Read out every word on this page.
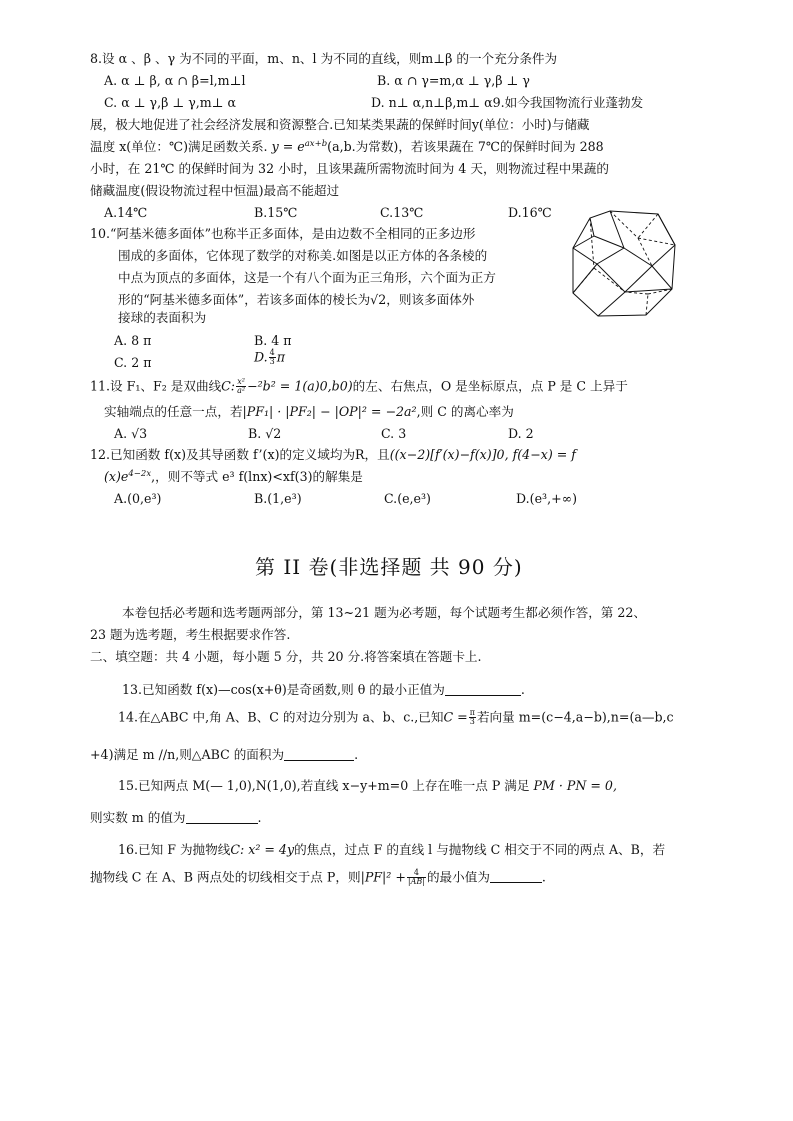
8.设 α 、β 、γ 为不同的平面，m、n、l 为不同的直线，则m⊥β 的一个充分条件为
A. α ⊥ β, α ∩ β=l,m⊥l	B. α ∩ γ=m,α ⊥ γ,β ⊥ γ
C. α ⊥ γ,β ⊥ γ,m⊥ α	D. n⊥ α,n⊥β,m⊥ α9.如今我国物流行业蓬勃发
展，极大地促进了社会经济发展和资源整合.已知某类果蔬的保鲜时间y(单位：小时)与储藏
温度 x(单位：℃)满足函数关系. $y = e^{ax+b}(a,b$.为常数)，若该果蔬在 7℃的保鲜时间为 288
小时，在 21℃ 的保鲜时间为 32 小时，且该果蔬所需物流时间为 4 天，则物流过程中果蔬的
储藏温度(假设物流过程中恒温)最高不能超过
A.14℃	B.15℃	C.13℃	D.16℃
10.“阿基米德多面体”也称半正多面体，是由边数不全相同的正多边形
围成的多面体，它体现了数学的对称美.如图是以正方体的各条棱的
中点为顶点的多面体，这是一个有八个面为正三角形，六个面为正方
形的“阿基米德多面体”，若该多面体的棱长为√2，则该多面体外
接球的表面积为
A. 8 π	B. 4 π
C. 2 π	D. $\frac{4}{3}$ π
11.设 F₁、F₂ 是双曲线C: $\frac{\text{x²}}{\text{a²}} -^2b^2 = 1(a)0,b0$)的左、右焦点，O 是坐标原点，点 P 是 C 上异于
实轴端点的任意一点，若|PF₁| · |PF₂| − |OP|² = −2a²,则 C 的离心率为
A. √3	B. √2	C. 3	D. 2
12.已知函数 f(x)及其导函数 f’(x)的定义域均为R，且((x−2)[f′(x)−f(x)]0, f(4−x) = f
$(x)e^{4-2x}$,，则不等式 e³ f(lnx)<xf(3)的解集是
A.(0,e³)	B.(1,e³)	C.(e,e³)	D.(e³,+∞)
第 II 卷(非选择题 共 90 分)
本卷包括必考题和选考题两部分，第 13~21 题为必考题，每个试题考生都必须作答，第 22、
23 题为选考题，考生根据要求作答.
二、填空题：共 4 小题，每小题 5 分，共 20 分.将答案填在答题卡上.
13.已知函数 f(x)—cos(x+θ)是奇函数,则 θ 的最小正值为	.
14.在△ABC 中,角 A、B、C 的对边分别为 a、b、c.,已知$C = \frac{\pi}{3}$ 若向量 m=(c−4,a−b),n=(a—b,c
+4)满足 m //n,则△ABC 的面积为	.
15.已知两点 M(— 1,0),N(1,0),若直线 x−y+m=0 上存在唯一点 P 满足 PM · PN = 0,
则实数 m 的值为	.
16.已知 F 为抛物线C: x² = 4y的焦点，过点 F 的直线 l 与抛物线 C 相交于不同的两点 A、B，若
抛物线 C 在 A、B 两点处的切线相交于点 P，则$|PF|^2 + \frac{4}{|AB|}$ 的最小值为	.
